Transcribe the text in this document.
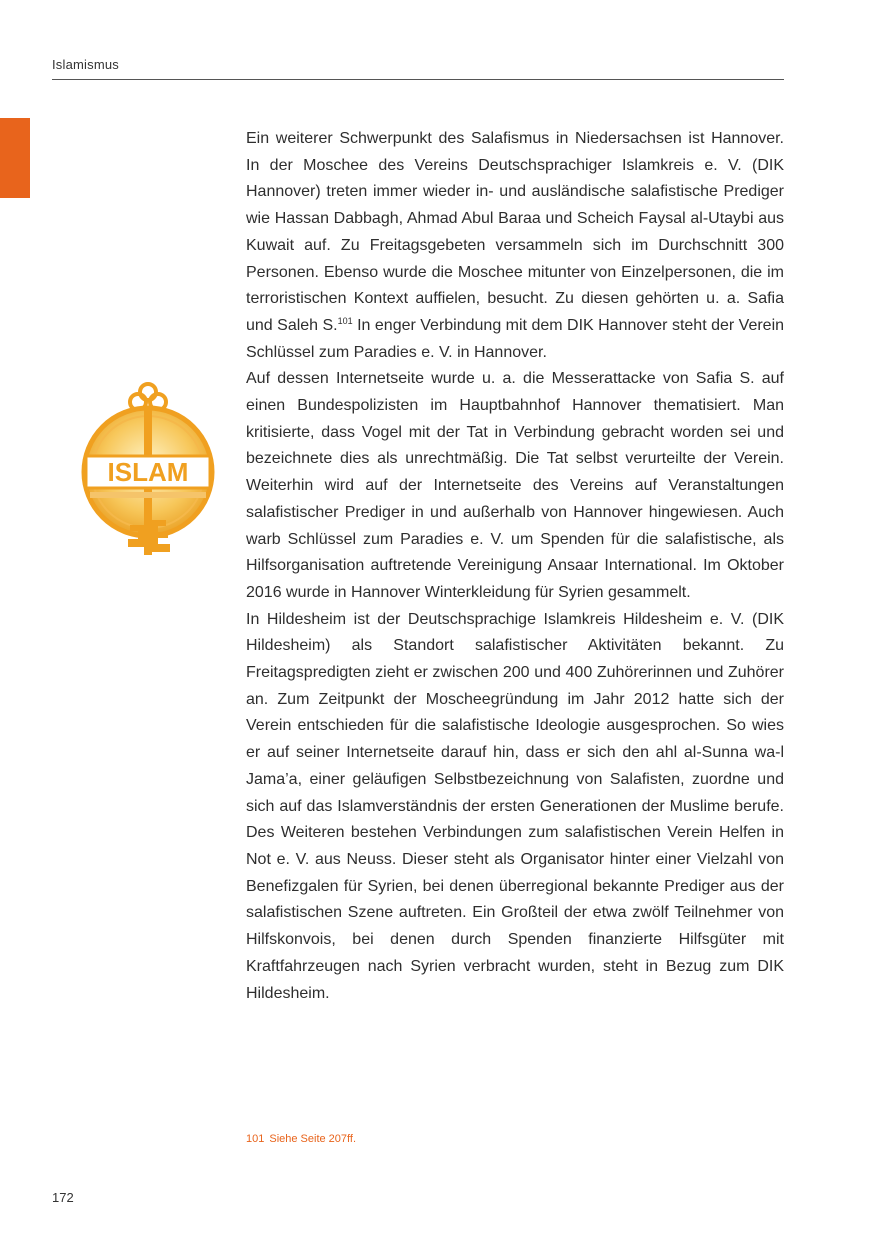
Islamismus
ISLAM

Ein weiterer Schwerpunkt des Salafismus in Niedersachsen ist Hannover. In der Moschee des Vereins Deutschsprachiger Islamkreis e. V. (DIK Hannover) treten immer wieder in- und ausländische salafistische Prediger wie Hassan Dabbagh, Ahmad Abul Baraa und Scheich Faysal al-Utaybi aus Kuwait auf. Zu Freitagsgebeten versammeln sich im Durchschnitt 300 Personen. Ebenso wurde die Moschee mitunter von Einzelpersonen, die im terroristischen Kontext auffielen, besucht. Zu diesen gehörten u. a. Safia und Saleh S.$^{101}$ In enger Verbindung mit dem DIK Hannover steht der Verein Schlüssel zum Paradies e. V. in Hannover.

Auf dessen Internetseite wurde u. a. die Messerattacke von Safia S. auf einen Bundespolizisten im Hauptbahnhof Hannover thematisiert. Man kritisierte, dass Vogel mit der Tat in Verbindung gebracht worden sei und bezeichnete dies als unrechtmäßig. Die Tat selbst verurteilte der Verein. Weiterhin wird auf der Internetseite des Vereins auf Veranstaltungen salafistischer Prediger in und außerhalb von Hannover hingewiesen. Auch warb Schlüssel zum Paradies e. V. um Spenden für die salafistische, als Hilfsorganisation auftretende Vereinigung Ansaar International. Im Oktober 2016 wurde in Hannover Winterkleidung für Syrien gesammelt.

In Hildesheim ist der Deutschsprachige Islamkreis Hildesheim e. V. (DIK Hildesheim) als Standort salafistischer Aktivitäten bekannt. Zu Freitagspredigten zieht er zwischen 200 und 400 Zuhörerinnen und Zuhörer an. Zum Zeitpunkt der Moscheegründung im Jahr 2012 hatte sich der Verein entschieden für die salafistische Ideologie ausgesprochen. So wies er auf seiner Internetseite darauf hin, dass er sich den ahl al-Sunna wa-l Jama’a, einer geläufigen Selbstbezeichnung von Salafisten, zuordne und sich auf das Islamverständnis der ersten Generationen der Muslime berufe. Des Weiteren bestehen Verbindungen zum salafistischen Verein Helfen in Not e. V. aus Neuss. Dieser steht als Organisator hinter einer Vielzahl von Benefizgalen für Syrien, bei denen überregional bekannte Prediger aus der salafistischen Szene auftreten. Ein Großteil der etwa zwölf Teilnehmer von Hilfskonvois, bei denen durch Spenden finanzierte Hilfsgüter mit Kraftfahrzeugen nach Syrien verbracht wurden, steht in Bezug zum DIK Hildesheim.

101 Siehe Seite 207ff.
172
